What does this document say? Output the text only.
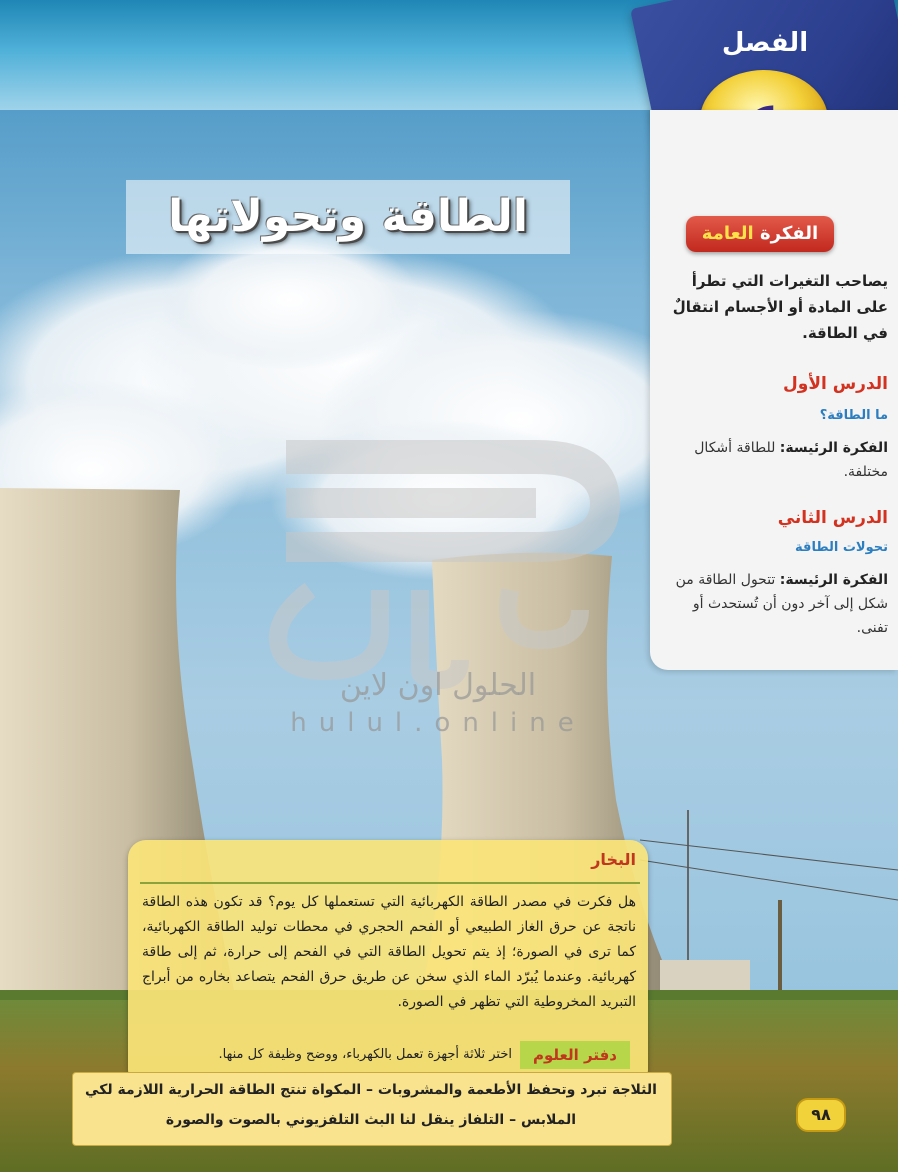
الفصل
الطاقة وتحولاتها	الفكرة العامة
يصاحب التغيرات التي تطرأ على المادة أو الأجسام انتقالٌ في الطاقة.
الدرس الأول
ما الطاقة؟
الفكرة الرئيسة: للطاقة أشكال مختلفة.
الدرس الثاني
تحولات الطاقة
الفكرة الرئيسة: تتحول الطاقة من شكل إلى آخر دون أن تُستحدث أو تفنى.
الحلول اون لاين
hulul.online
البخار
هل فكرت في مصدر الطاقة الكهربائية التي تستعملها كل يوم؟ قد تكون هذه الطاقة ناتجة عن حرق الغاز الطبيعي أو الفحم الحجري في محطات توليد الطاقة الكهربائية، كما ترى في الصورة؛ إذ يتم تحويل الطاقة التي في الفحم إلى حرارة، ثم إلى طاقة كهربائية. وعندما يُبرّد الماء الذي سخن عن طريق حرق الفحم يتصاعد بخاره من أبراج التبريد المخروطية التي تظهر في الصورة.
دفتر العلوم
اختر ثلاثة أجهزة تعمل بالكهرباء، ووضح وظيفة كل منها.
الثلاجة تبرد وتحفظ الأطعمة والمشروبات – المكواة تنتج الطاقة الحرارية اللازمة لكي
الملابس – التلفاز ينقل لنا البث التلفزيوني بالصوت والصورة	٩٨
